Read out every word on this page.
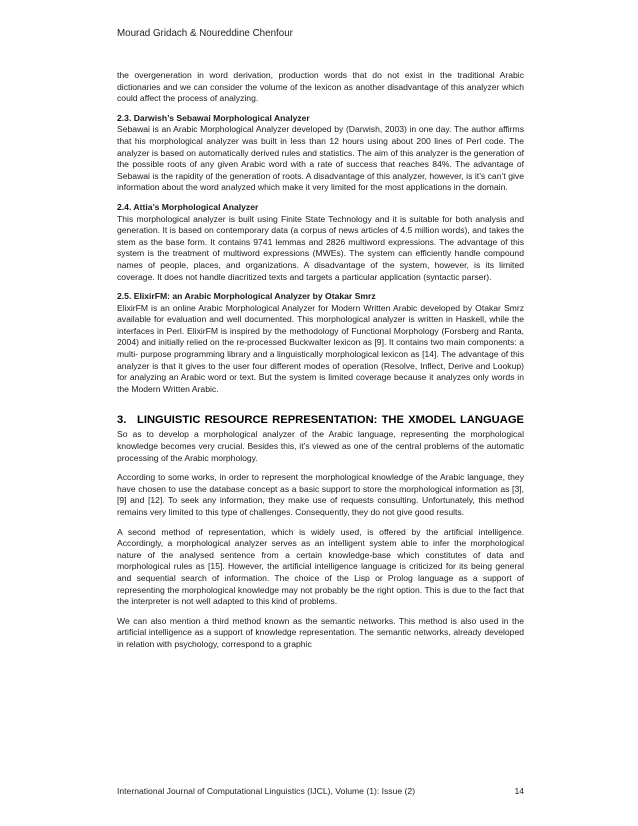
Mourad Gridach & Noureddine Chenfour

the overgeneration in word derivation, production words that do not exist in the traditional Arabic dictionaries and we can consider the volume of the lexicon as another disadvantage of this analyzer which could affect the process of analyzing.

2.3. Darwish’s Sebawai Morphological Analyzer

Sebawai is an Arabic Morphological Analyzer developed by (Darwish, 2003) in one day. The author affirms that his morphological analyzer was built in less than 12 hours using about 200 lines of Perl code. The analyzer is based on automatically derived rules and statistics. The aim of this analyzer is the generation of the possible roots of any given Arabic word with a rate of success that reaches 84%. The advantage of Sebawai is the rapidity of the generation of roots. A disadvantage of this analyzer, however, is it’s can’t give information about the word analyzed which make it very limited for the most applications in the domain.

2.4. Attia’s Morphological Analyzer

This morphological analyzer is built using Finite State Technology and it is suitable for both analysis and generation. It is based on contemporary data (a corpus of news articles of 4.5 million words), and takes the stem as the base form. It contains 9741 lemmas and 2826 multiword expressions. The advantage of this system is the treatment of multiword expressions (MWEs). The system can efficiently handle compound names of people, places, and organizations. A disadvantage of the system, however, is its limited coverage. It does not handle diacritized texts and targets a particular application (syntactic parser).

2.5. ElixirFM: an Arabic Morphological Analyzer by Otakar Smrz

ElixirFM is an online Arabic Morphological Analyzer for Modern Written Arabic developed by Otakar Smrz available for evaluation and well documented. This morphological analyzer is written in Haskell, while the interfaces in Perl. ElixirFM is inspired by the methodology of Functional Morphology (Forsberg and Ranta, 2004) and initially relied on the re-processed Buckwalter lexicon as [9]. It contains two main components: a multi- purpose programming library and a linguistically morphological lexicon as [14]. The advantage of this analyzer is that it gives to the user four different modes of operation (Resolve, Inflect, Derive and Lookup) for analyzing an Arabic word or text. But the system is limited coverage because it analyzes only words in the Modern Written Arabic.

3. LINGUISTIC RESOURCE REPRESENTATION: THE XMODEL LANGUAGE

So as to develop a morphological analyzer of the Arabic language, representing the morphological knowledge becomes very crucial. Besides this, it’s viewed as one of the central problems of the automatic processing of the Arabic morphology.

According to some works, in order to represent the morphological knowledge of the Arabic language, they have chosen to use the database concept as a basic support to store the morphological information as [3], [9] and [12]. To seek any information, they make use of requests consulting. Unfortunately, this method remains very limited to this type of challenges. Consequently, they do not give good results.

A second method of representation, which is widely used, is offered by the artificial intelligence. Accordingly, a morphological analyzer serves as an intelligent system able to infer the morphological nature of the analysed sentence from a certain knowledge-base which constitutes of data and morphological rules as [15]. However, the artificial intelligence language is criticized for its being general and sequential search of information. The choice of the Lisp or Prolog language as a support of representing the morphological knowledge may not probably be the right option. This is due to the fact that the interpreter is not well adapted to this kind of problems.

We can also mention a third method known as the semantic networks. This method is also used in the artificial intelligence as a support of knowledge representation. The semantic networks, already developed in relation with psychology, correspond to a graphic

International Journal of Computational Linguistics (IJCL), Volume (1): Issue (2)	14
